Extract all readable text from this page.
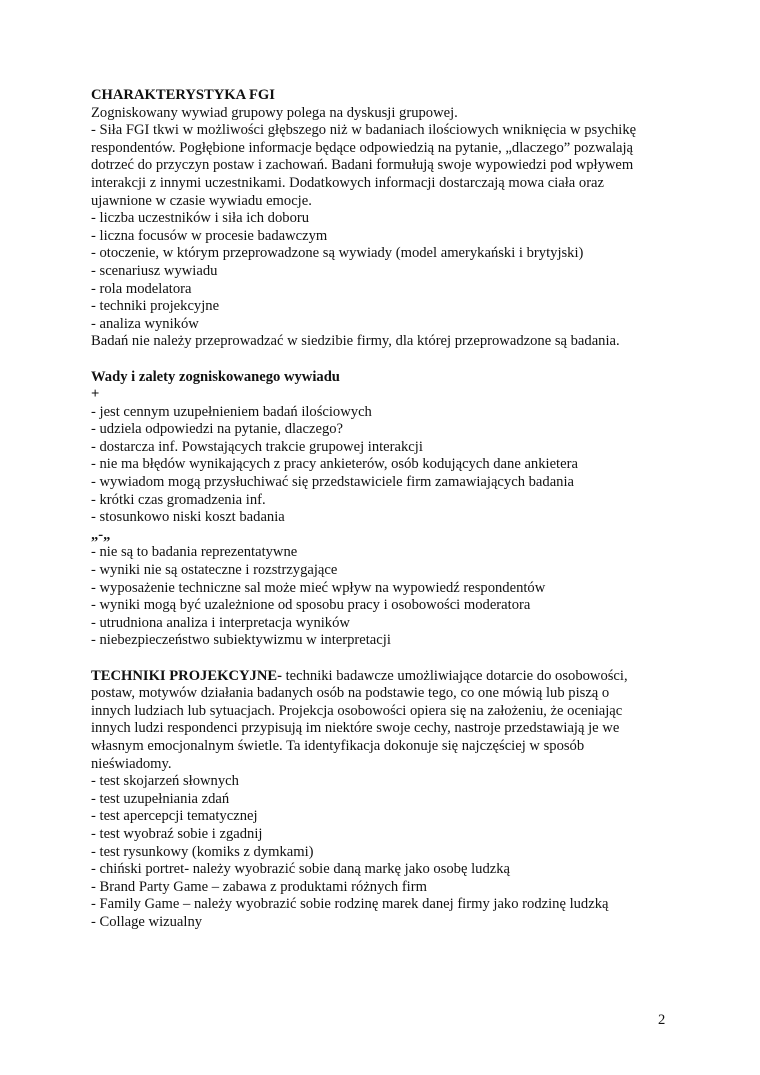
CHARAKTERYSTYKA FGI
Zogniskowany wywiad grupowy polega na dyskusji grupowej.
- Siła FGI tkwi w możliwości głębszego niż w badaniach ilościowych wniknięcia w psychikę
respondentów. Pogłębione informacje będące odpowiedzią na pytanie, „dlaczego” pozwalają
dotrzeć do przyczyn postaw i zachowań. Badani formułują swoje wypowiedzi pod wpływem
interakcji z innymi uczestnikami. Dodatkowych informacji dostarczają mowa ciała oraz
ujawnione w czasie wywiadu emocje.
- liczba uczestników i siła ich doboru
- liczna focusów w procesie badawczym
- otoczenie, w którym przeprowadzone są wywiady (model amerykański i brytyjski)
- scenariusz wywiadu
- rola modelatora
- techniki projekcyjne
- analiza wyników
Badań nie należy przeprowadzać w siedzibie firmy, dla której przeprowadzone są badania.
Wady i zalety zogniskowanego wywiadu
+
- jest cennym uzupełnieniem badań ilościowych
- udziela odpowiedzi na pytanie, dlaczego?
- dostarcza inf. Powstających trakcie grupowej interakcji
- nie ma błędów wynikających z pracy ankieterów, osób kodujących dane ankietera
- wywiadom mogą przysłuchiwać się przedstawiciele firm zamawiających badania
- krótki czas gromadzenia inf.
- stosunkowo niski koszt badania
„-„
- nie są to badania reprezentatywne
- wyniki nie są ostateczne i rozstrzygające
- wyposażenie techniczne sal może mieć wpływ na wypowiedź respondentów
- wyniki mogą być uzależnione od sposobu pracy i osobowości moderatora
- utrudniona analiza i interpretacja wyników
- niebezpieczeństwo subiektywizmu w interpretacji
TECHNIKI PROJEKCYJNE- techniki badawcze umożliwiające dotarcie do osobowości,
postaw, motywów działania badanych osób na podstawie tego, co one mówią lub piszą o
innych ludziach lub sytuacjach. Projekcja osobowości opiera się na założeniu, że oceniając
innych ludzi respondenci przypisują im niektóre swoje cechy, nastroje przedstawiają je we
własnym emocjonalnym świetle. Ta identyfikacja dokonuje się najczęściej w sposób
nieświadomy.
- test skojarzeń słownych
- test uzupełniania zdań
- test apercepcji tematycznej
- test wyobraź sobie i zgadnij
- test rysunkowy (komiks z dymkami)
- chiński portret- należy wyobrazić sobie daną markę jako osobę ludzką
- Brand Party Game – zabawa z produktami różnych firm
- Family Game – należy wyobrazić sobie rodzinę marek danej firmy jako rodzinę ludzką
- Collage wizualny
2
